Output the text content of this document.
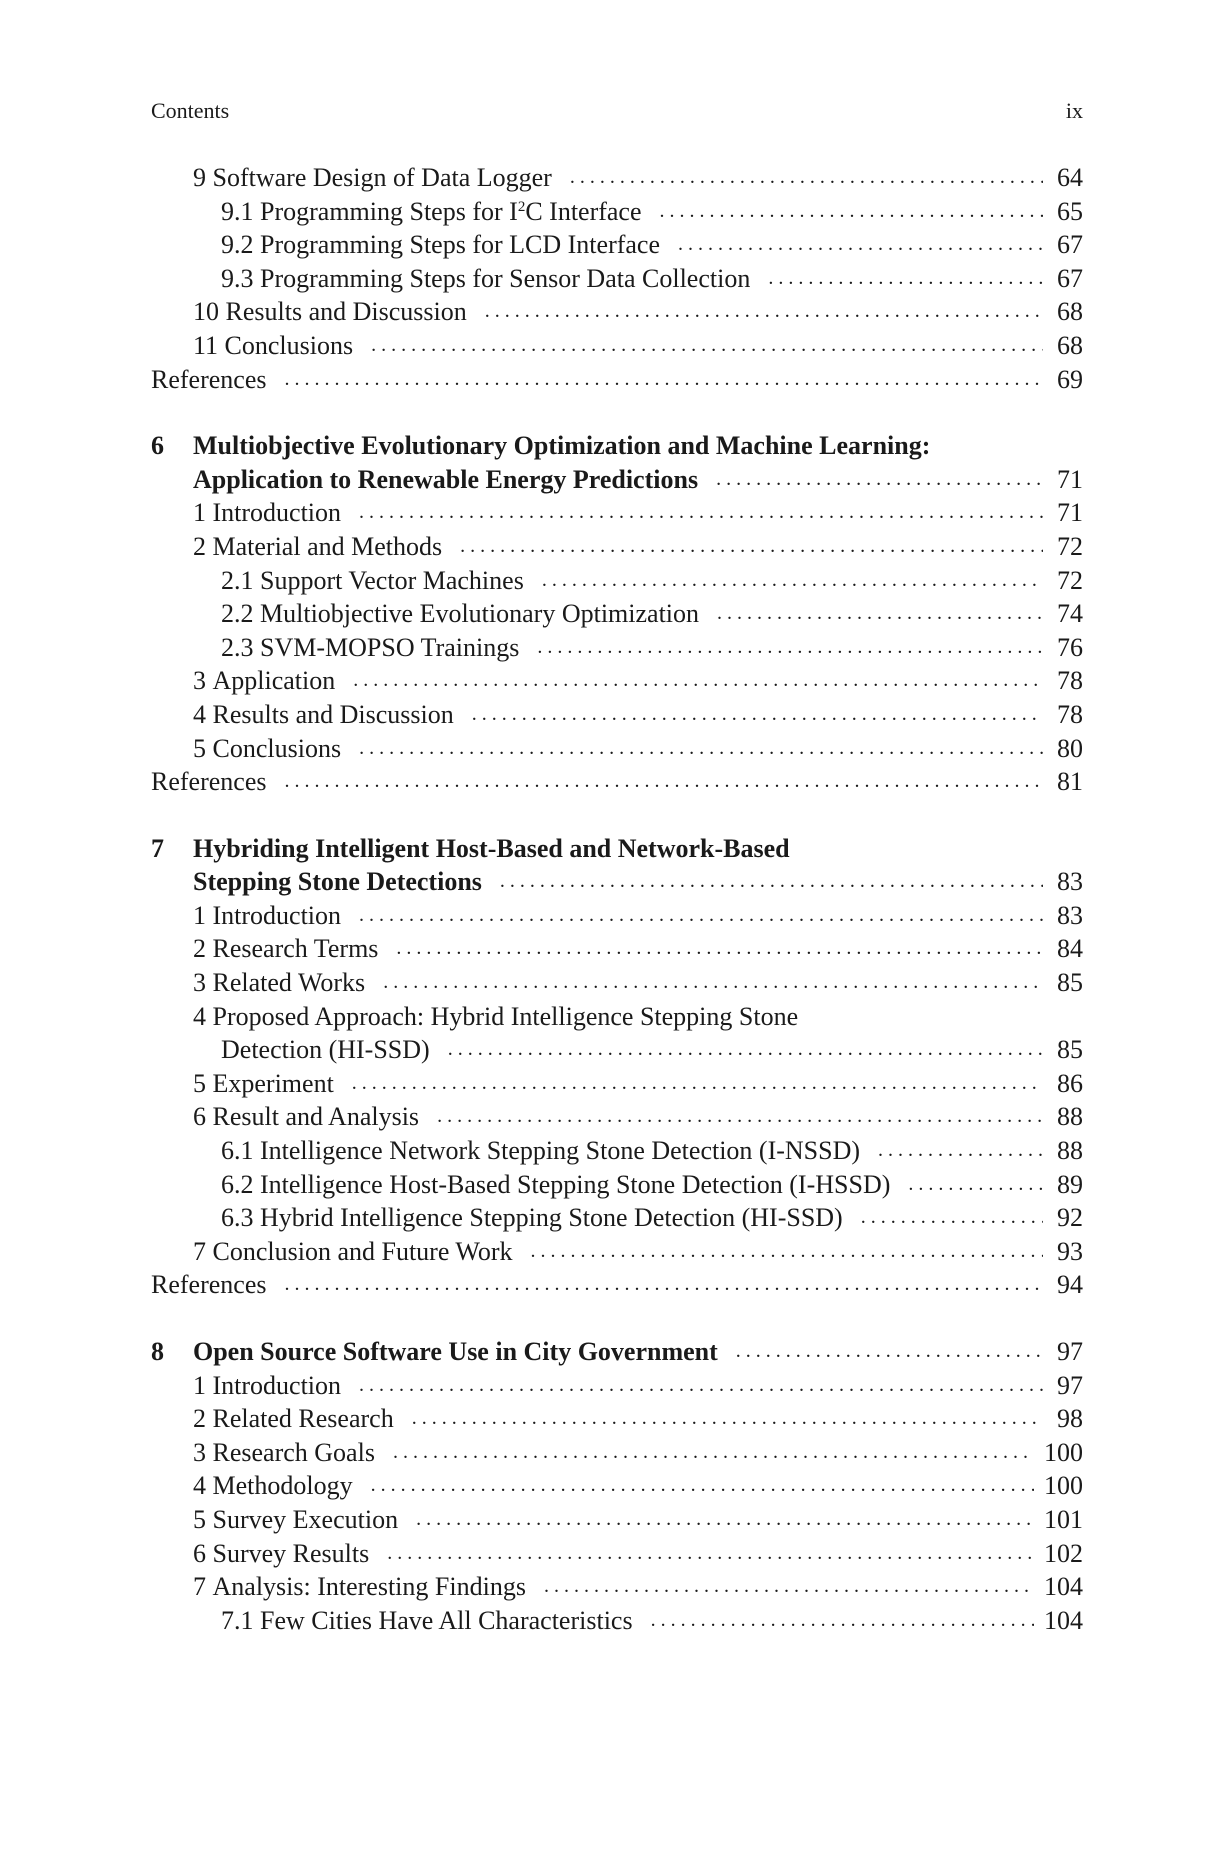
Contents	ix
9 Software Design of Data Logger . . .	64
9.1 Programming Steps for $I^2C$ Interface . . .	65
9.2 Programming Steps for LCD Interface . . .	67
9.3 Programming Steps for Sensor Data Collection . . .	67
10 Results and Discussion . . .	68
11 Conclusions . . .	68
References . . .	69
6	Multiobjective Evolutionary Optimization and Machine Learning:
Application to Renewable Energy Predictions . . .	71
1 Introduction . . .	71
2 Material and Methods . . .	72
2.1 Support Vector Machines . . .	72
2.2 Multiobjective Evolutionary Optimization . . .	74
2.3 SVM-MOPSO Trainings . . .	76
3 Application . . .	78
4 Results and Discussion . . .	78
5 Conclusions . . .	80
References . . .	81
7	Hybriding Intelligent Host-Based and Network-Based
Stepping Stone Detections . . .	83
1 Introduction . . .	83
2 Research Terms . . .	84
3 Related Works . . .	85
4
Proposed Approach: Hybrid Intelligence Stepping Stone
Detection (HI-SSD) . . .	85
5 Experiment . . .	86
6 Result and Analysis . . .	88
6.1 Intelligence Network Stepping Stone Detection (I-NSSD) . . .	88
6.2 Intelligence Host-Based Stepping Stone Detection (I-HSSD) . . .	89
6.3 Hybrid Intelligence Stepping Stone Detection (HI-SSD) . . .	92
7 Conclusion and Future Work . . .	93
References . . .	94
8	Open Source Software Use in City Government . . .	97
1 Introduction . . .	97
2 Related Research . . .	98
3 Research Goals . . .	100
4 Methodology . . .	100
5 Survey Execution . . .	101
6 Survey Results . . .	102
7 Analysis: Interesting Findings . . .	104
7.1 Few Cities Have All Characteristics . . .	104
